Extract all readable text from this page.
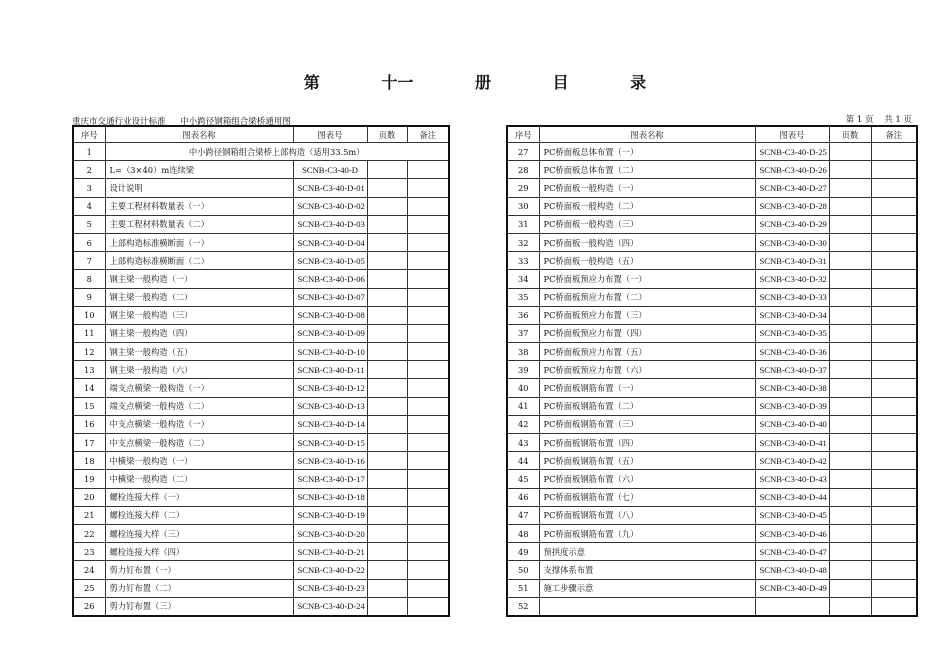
第	十一	册	目	录
重庆市交通行业设计标准 中小跨径钢箱组合梁桥通用图	第 1 页 共 1 页
序号	图表名称	图表号	页数	备注
1	中小跨径钢箱组合梁桥上部构造（适用33.5m）			
2	L=（3×40）m连续梁	SCNB-C3-40-D		
3	设计说明	SCNB-C3-40-D-01		
4	主要工程材料数量表（一）	SCNB-C3-40-D-02		
5	主要工程材料数量表（二）	SCNB-C3-40-D-03		
6	上部构造标准横断面（一）	SCNB-C3-40-D-04		
7	上部构造标准横断面（二）	SCNB-C3-40-D-05		
8	钢主梁一般构造（一）	SCNB-C3-40-D-06		
9	钢主梁一般构造（二）	SCNB-C3-40-D-07		
10	钢主梁一般构造（三）	SCNB-C3-40-D-08		
11	钢主梁一般构造（四）	SCNB-C3-40-D-09		
12	钢主梁一般构造（五）	SCNB-C3-40-D-10		
13	钢主梁一般构造（六）	SCNB-C3-40-D-11		
14	端支点横梁一般构造（一）	SCNB-C3-40-D-12		
15	端支点横梁一般构造（二）	SCNB-C3-40-D-13		
16	中支点横梁一般构造（一）	SCNB-C3-40-D-14		
17	中支点横梁一般构造（二）	SCNB-C3-40-D-15		
18	中横梁一般构造（一）	SCNB-C3-40-D-16		
19	中横梁一般构造（二）	SCNB-C3-40-D-17		
20	螺栓连接大样（一）	SCNB-C3-40-D-18		
21	螺栓连接大样（二）	SCNB-C3-40-D-19		
22	螺栓连接大样（三）	SCNB-C3-40-D-20		
23	螺栓连接大样（四）	SCNB-C3-40-D-21		
24	剪力钉布置（一）	SCNB-C3-40-D-22		
25	剪力钉布置（二）	SCNB-C3-40-D-23		
26	剪力钉布置（三）	SCNB-C3-40-D-24		
序号	图表名称	图表号	页数	备注
27	PC桥面板总体布置（一）	SCNB-C3-40-D-25		
28	PC桥面板总体布置（二）	SCNB-C3-40-D-26		
29	PC桥面板一般构造（一）	SCNB-C3-40-D-27		
30	PC桥面板一般构造（二）	SCNB-C3-40-D-28		
31	PC桥面板一般构造（三）	SCNB-C3-40-D-29		
32	PC桥面板一般构造（四）	SCNB-C3-40-D-30		
33	PC桥面板一般构造（五）	SCNB-C3-40-D-31		
34	PC桥面板预应力布置（一）	SCNB-C3-40-D-32		
35	PC桥面板预应力布置（二）	SCNB-C3-40-D-33		
36	PC桥面板预应力布置（三）	SCNB-C3-40-D-34		
37	PC桥面板预应力布置（四）	SCNB-C3-40-D-35		
38	PC桥面板预应力布置（五）	SCNB-C3-40-D-36		
39	PC桥面板预应力布置（六）	SCNB-C3-40-D-37		
40	PC桥面板钢筋布置（一）	SCNB-C3-40-D-38		
41	PC桥面板钢筋布置（二）	SCNB-C3-40-D-39		
42	PC桥面板钢筋布置（三）	SCNB-C3-40-D-40		
43	PC桥面板钢筋布置（四）	SCNB-C3-40-D-41		
44	PC桥面板钢筋布置（五）	SCNB-C3-40-D-42		
45	PC桥面板钢筋布置（六）	SCNB-C3-40-D-43		
46	PC桥面板钢筋布置（七）	SCNB-C3-40-D-44		
47	PC桥面板钢筋布置（八）	SCNB-C3-40-D-45		
48	PC桥面板钢筋布置（九）	SCNB-C3-40-D-46		
49	预拱度示意	SCNB-C3-40-D-47		
50	支撑体系布置	SCNB-C3-40-D-48		
51	施工步骤示意	SCNB-C3-40-D-49		
52				
